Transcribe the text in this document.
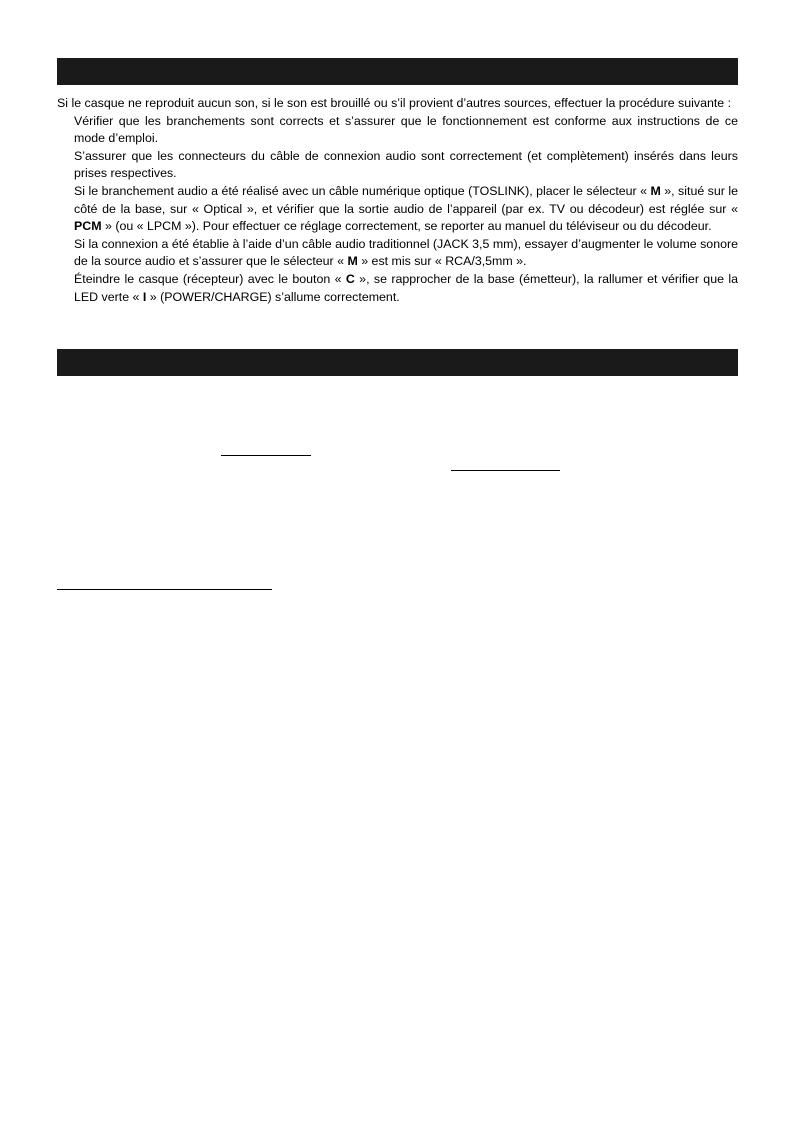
Si le casque ne reproduit aucun son, si le son est brouillé ou s’il provient d’autres sources, effectuer la procédure suivante :

Vérifier que les branchements sont corrects et s’assurer que le fonctionnement est conforme aux instructions de ce mode d’emploi.
S’assurer que les connecteurs du câble de connexion audio sont correctement (et complètement) insérés dans leurs prises respectives.
Si le branchement audio a été réalisé avec un câble numérique optique (TOSLINK), placer le sélecteur « M », situé sur le côté de la base, sur « Optical », et vérifier que la sortie audio de l’appareil (par ex. TV ou décodeur) est réglée sur « PCM » (ou « LPCM »). Pour effectuer ce réglage correctement, se reporter au manuel du téléviseur ou du décodeur.
Si la connexion a été établie à l’aide d’un câble audio traditionnel (JACK 3,5 mm), essayer d’augmenter le volume sonore de la source audio et s’assurer que le sélecteur « M » est mis sur « RCA/3,5mm ».
Éteindre le casque (récepteur) avec le bouton « C », se rapprocher de la base (émetteur), la rallumer et vérifier que la LED verte « I » (POWER/CHARGE) s’allume correctement.
